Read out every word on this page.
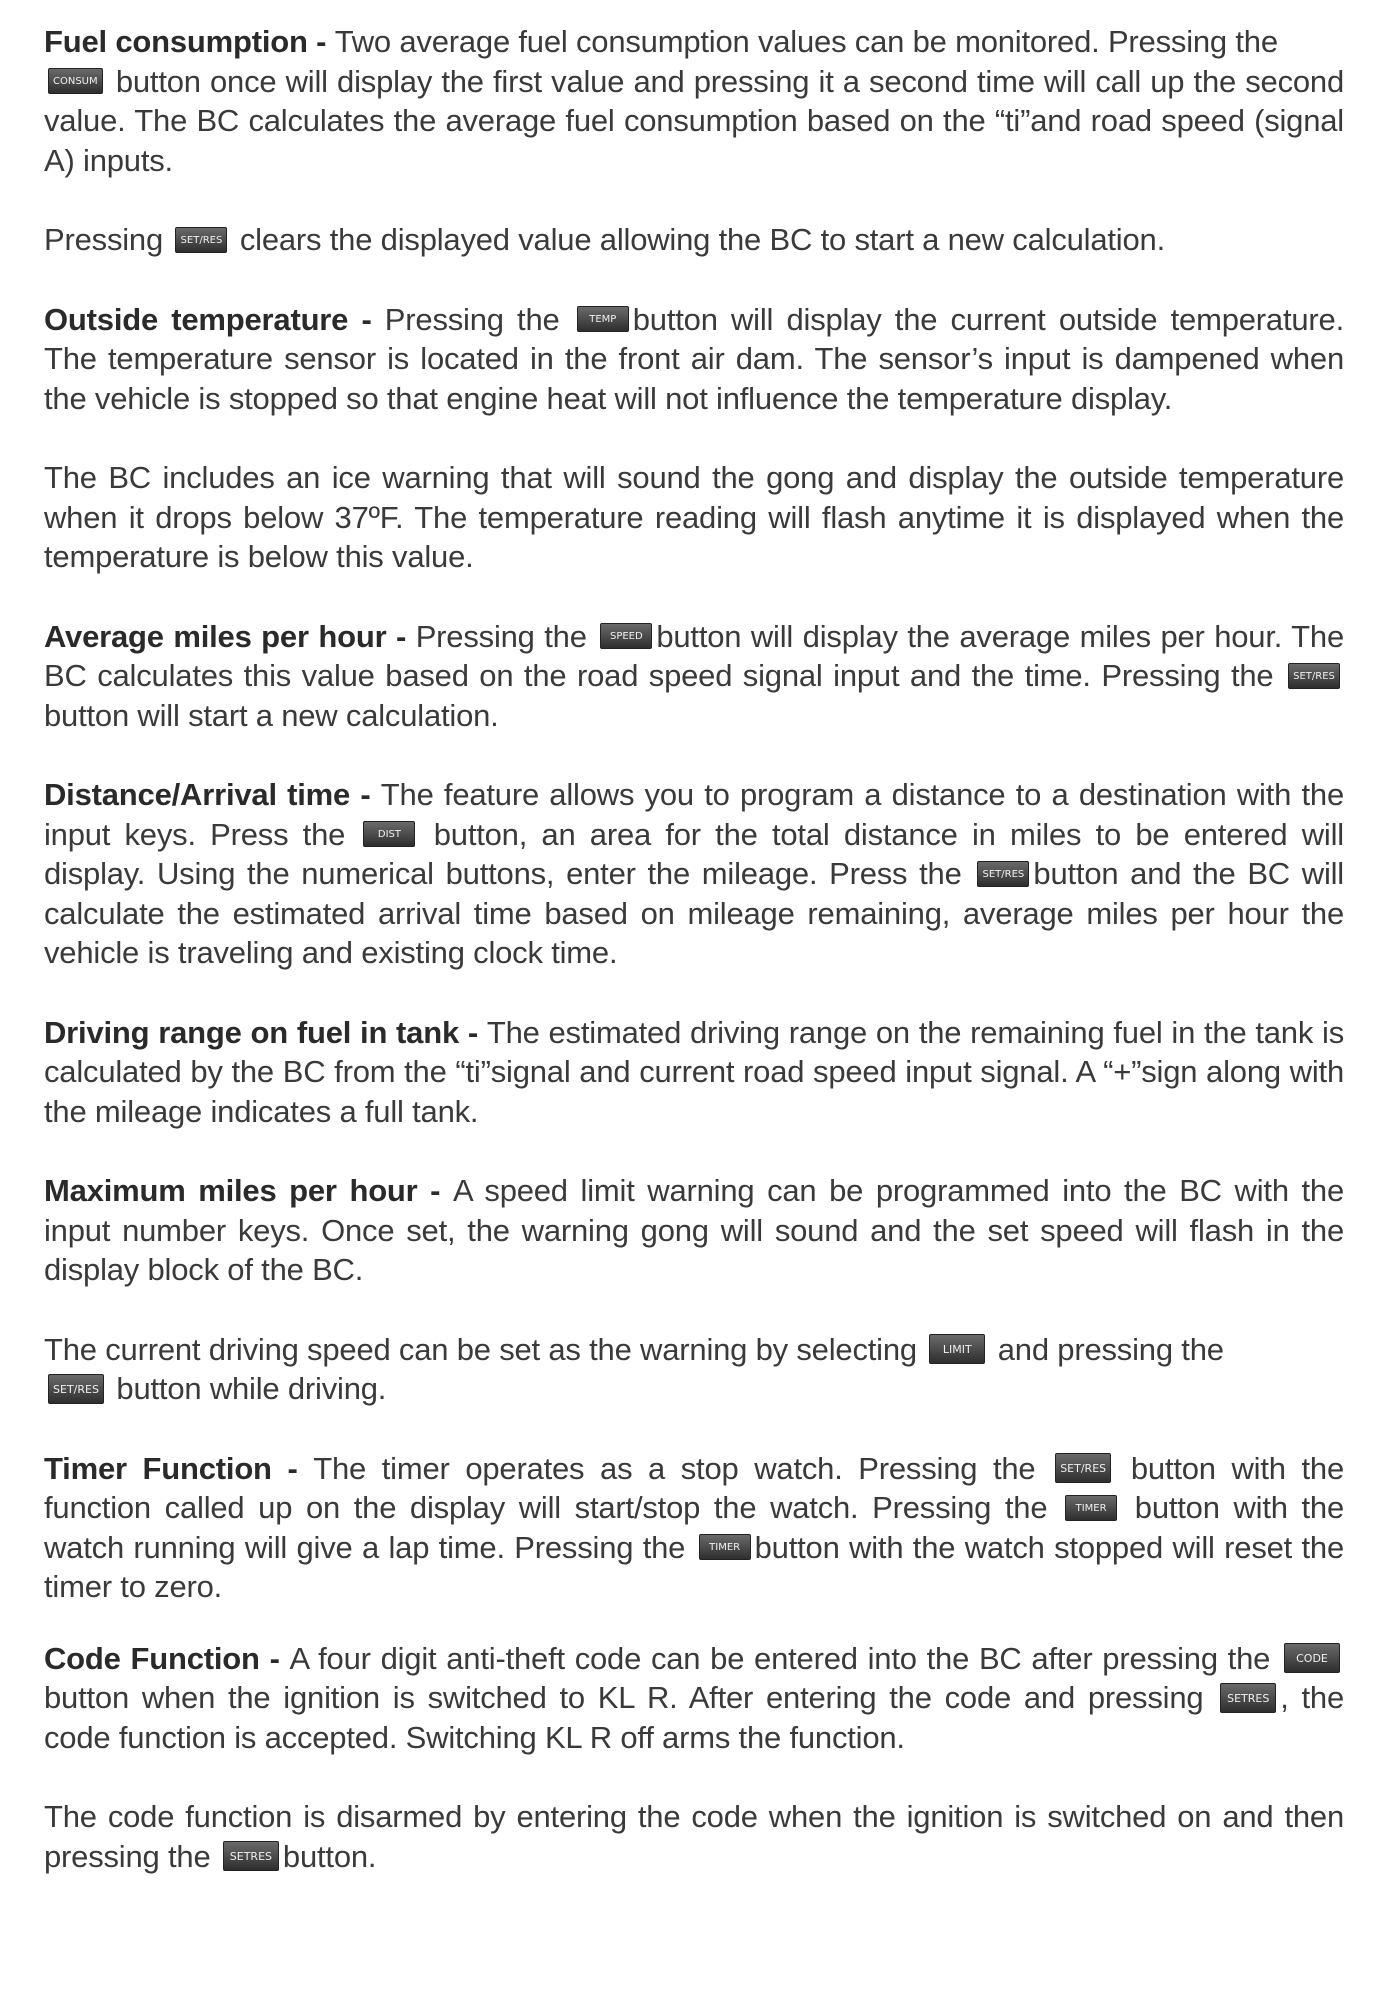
Fuel consumption - Two average fuel consumption values can be monitored. Pressing the
CONSUM button once will display the first value and pressing it a second time will call up the second value. The BC calculates the average fuel consumption based on the “ti”and road speed (signal A) inputs.

Pressing SET/RES clears the displayed value allowing the BC to start a new calculation.

Outside temperature - Pressing the TEMP button will display the current outside temperature. The temperature sensor is located in the front air dam. The sensor’s input is dampened when the vehicle is stopped so that engine heat will not influence the temperature display.

The BC includes an ice warning that will sound the gong and display the outside temperature when it drops below 37ºF. The temperature reading will flash anytime it is displayed when the temperature is below this value.

Average miles per hour - Pressing the SPEED button will display the average miles per hour. The BC calculates this value based on the road speed signal input and the time. Pressing the SET/RESbutton will start a new calculation.

Distance/Arrival time - The feature allows you to program a distance to a destination with the input keys. Press the DIST button, an area for the total distance in miles to be entered will display. Using the numerical buttons, enter the mileage. Press the SET/RES button and the BC will calculate the estimated arrival time based on mileage remaining, average miles per hour the vehicle is traveling and existing clock time.

Driving range on fuel in tank - The estimated driving range on the remaining fuel in the tank is calculated by the BC from the “ti”signal and current road speed input signal. A “+”sign along with the mileage indicates a full tank.

Maximum miles per hour - A speed limit warning can be programmed into the BC with the input number keys. Once set, the warning gong will sound and the set speed will flash in the display block of the BC.

The current driving speed can be set as the warning by selecting LIMIT and pressing the
SET/RES button while driving.

Timer Function - The timer operates as a stop watch. Pressing the SET/RES button with the function called up on the display will start/stop the watch. Pressing the TIMER button with the watch running will give a lap time. Pressing the TIMER button with the watch stopped will reset the timer to zero.

Code Function - A four digit anti-theft code can be entered into the BC after pressing the CODEbutton when the ignition is switched to KL R. After entering the code and pressing SETRES , the code function is accepted. Switching KL R off arms the function.

The code function is disarmed by entering the code when the ignition is switched on and then pressing the SETRES button.
